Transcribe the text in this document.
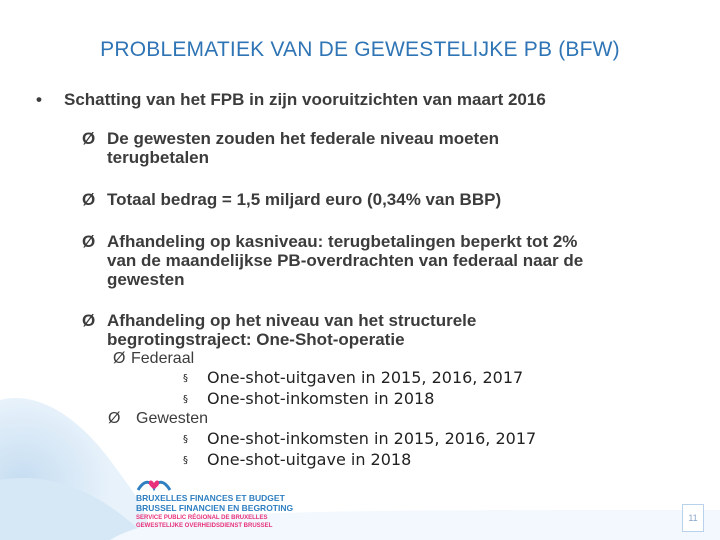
PROBLEMATIEK VAN DE GEWESTELIJKE PB (BFW)
• Schatting van het FPB in zijn vooruitzichten van maart 2016
Ø De gewesten zouden het federale niveau moeten
terugbetalen
Ø Totaal bedrag = 1,5 miljard euro (0,34% van BBP)
Ø Afhandeling op kasniveau: terugbetalingen beperkt tot 2%
van de maandelijkse PB-overdrachten van federaal naar de
gewesten
Ø Afhandeling op het niveau van het structurele
begrotingstraject: One-Shot-operatie
Ø Federaal
§ One-shot-uitgaven in 2015, 2016, 2017
§ One-shot-inkomsten in 2018
Ø Gewesten
§ One-shot-inkomsten in 2015, 2016, 2017
§ One-shot-uitgave in 2018
BRUXELLES FINANCES ET BUDGET
BRUSSEL FINANCIEN EN BEGROTING
SERVICE PUBLIC RÉGIONAL DE BRUXELLES
GEWESTELIJKE OVERHEIDSDIENST BRUSSEL
11
